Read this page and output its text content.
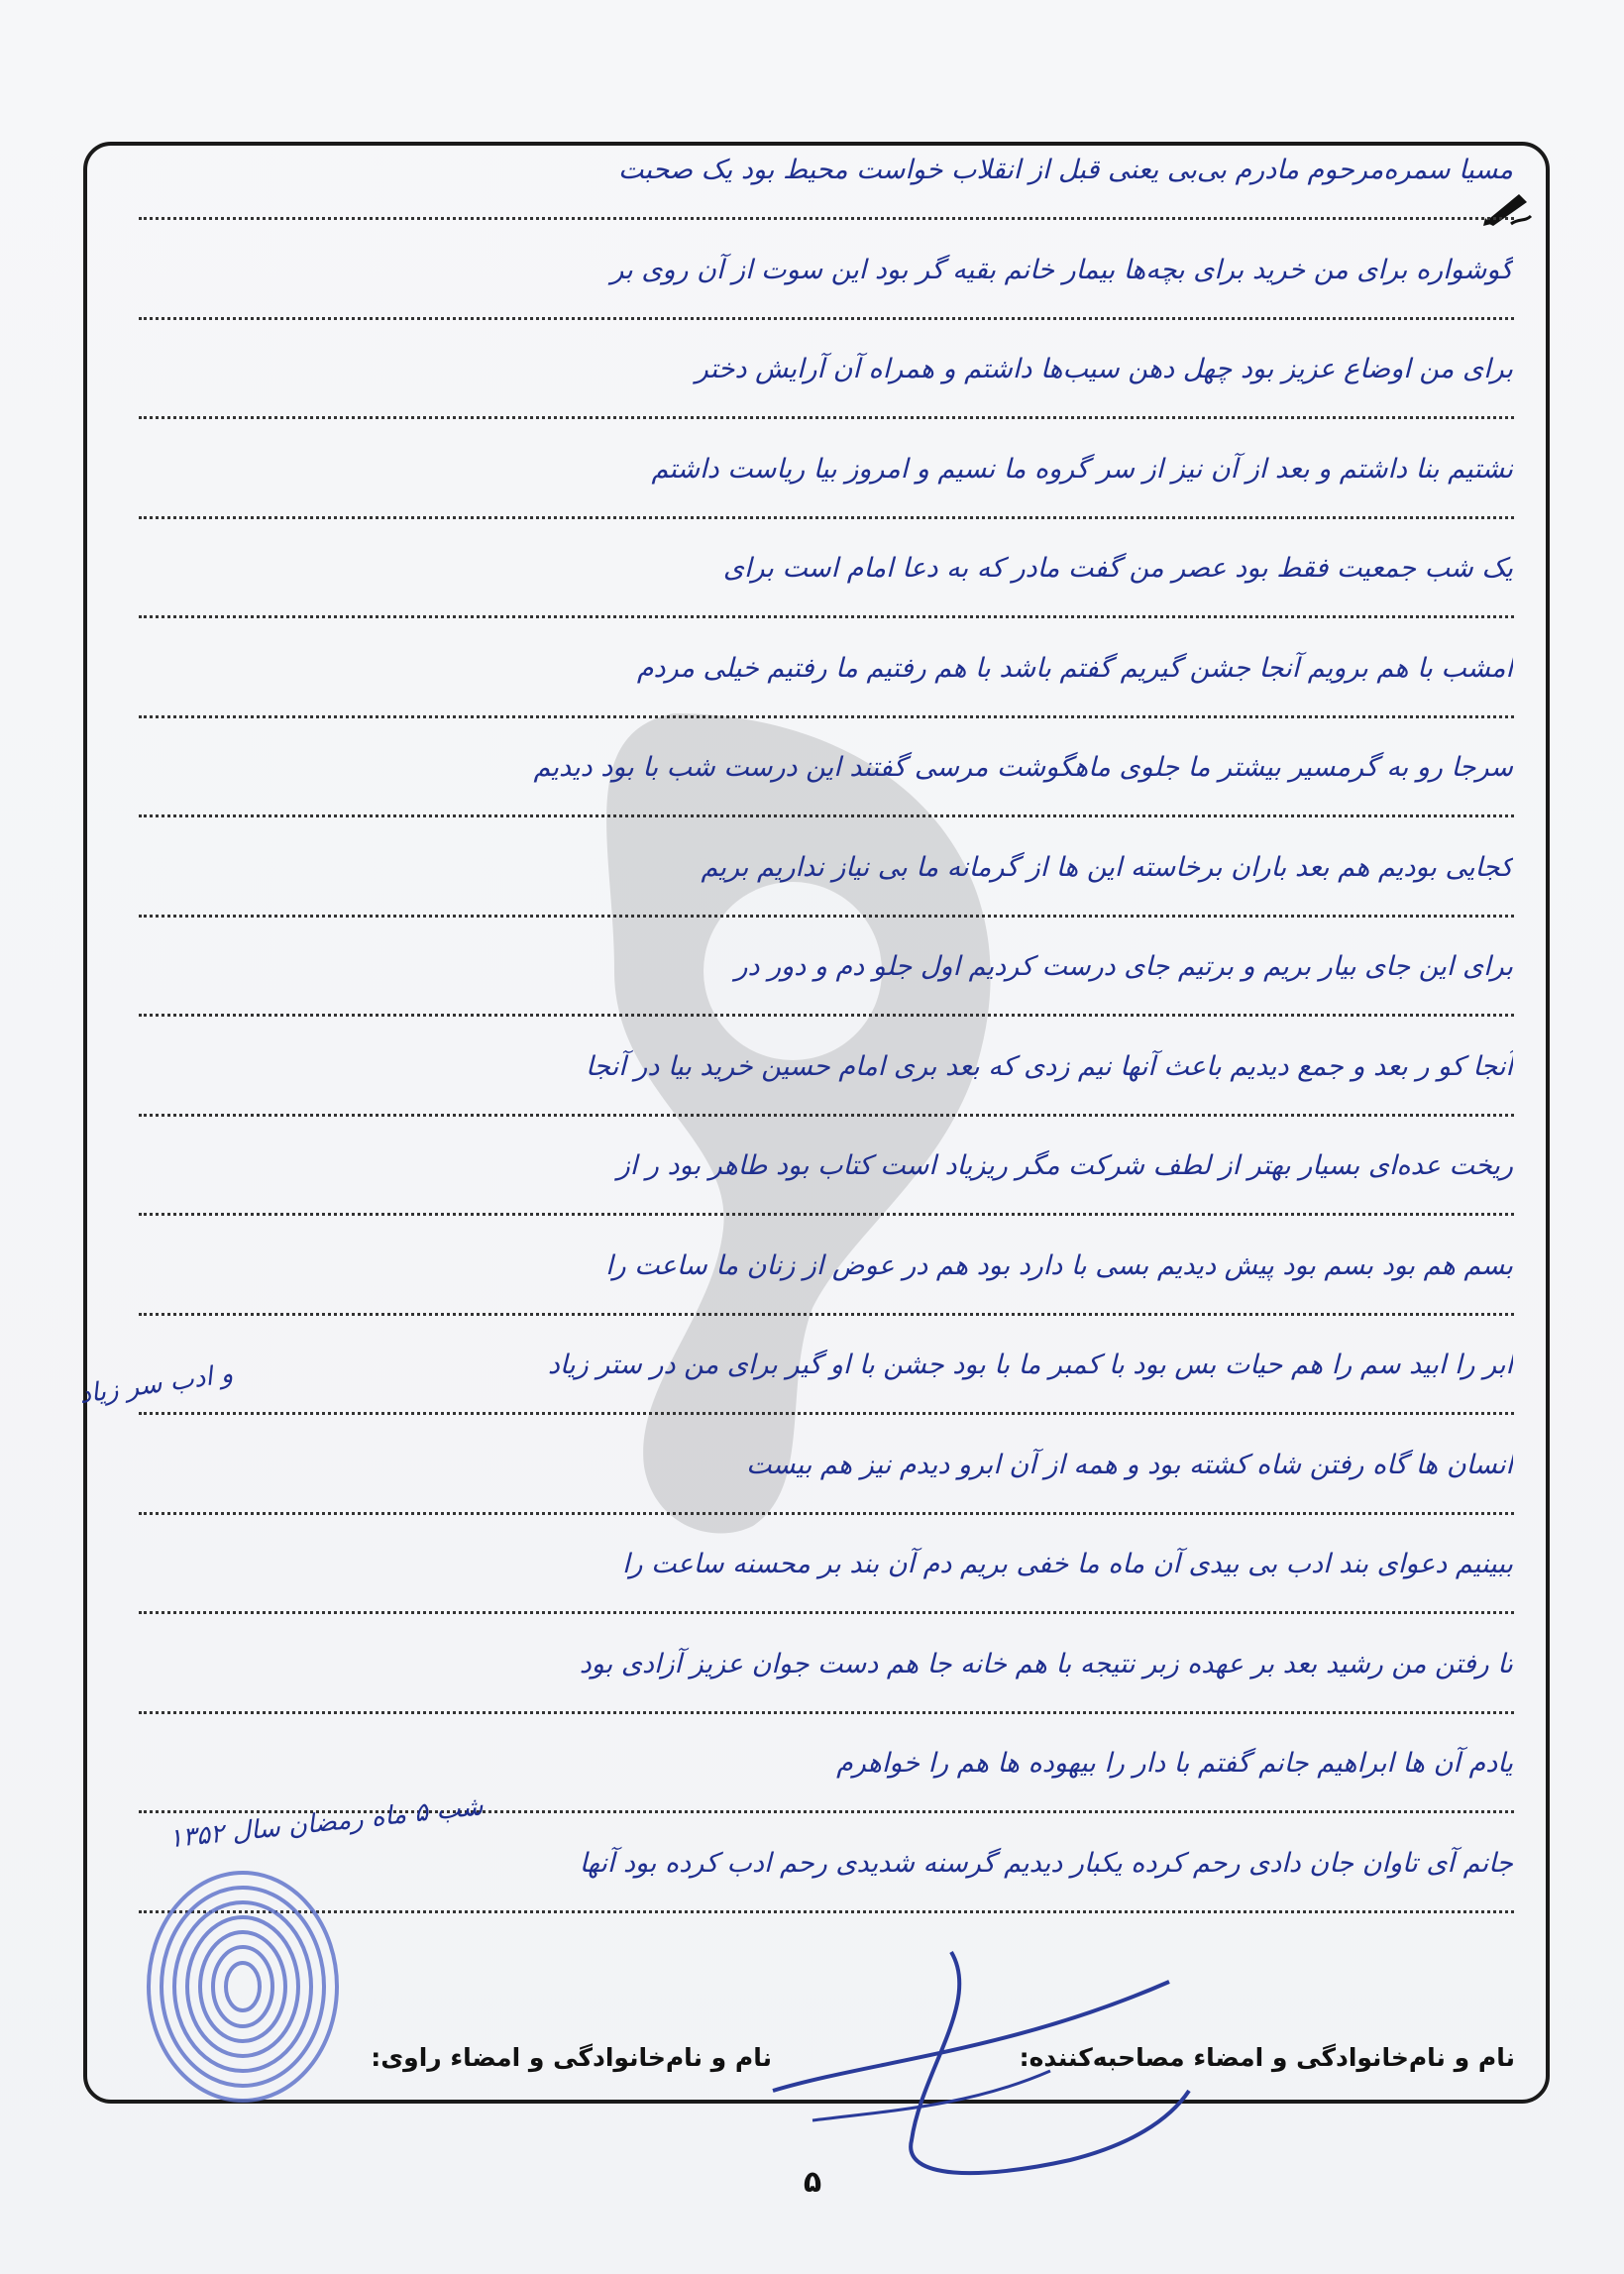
مسیا سمره‌مرحوم مادرم بی‌بی یعنی قبل از انقلاب خواست محیط بود یک صحبت
گوشواره برای من خرید برای بچه‌ها بیمار خانم بقیه گر بود این سوت از آن روی بر
برای من اوضاع عزیز بود چهل دهن سیب‌ها داشتم و همراه آن آرایش دختر
نشتیم بنا داشتم و بعد از آن نیز از سر گروه ما نسیم و امروز بیا ریاست داشتم
یک شب جمعیت فقط بود عصر من گفت مادر که به دعا امام است برای
امشب با هم برویم آنجا جشن گیریم گفتم باشد با هم رفتیم ما رفتیم خیلی مردم
سرجا رو به گرمسیر بیشتر ما جلوی ماهگوشت مرسی گفتند این درست شب با بود دیدیم
کجایی بودیم هم بعد باران برخاسته این ها از گرمانه ما بی نیاز نداریم بریم
برای این جای بیار بریم و برتیم جای درست کردیم اول جلو دم و دور در
آنجا کو ر بعد و جمع دیدیم باعث آنها نیم زدی که بعد بری امام حسین خرید بیا در آنجا
ریخت عده‌ای بسیار بهتر از لطف شرکت مگر ریزیاد است کتاب بود طاهر بود ر از
بسم هم بود بسم بود پیش دیدیم بسی با دارد بود هم در عوض از زنان ما ساعت را
ابر را ابید سم را هم حیات بس بود با کمبر ما با بود جشن با او گیر برای من در ستر زیاد
انسان ها گاه رفتن شاه کشته بود و همه از آن ابرو دیدم نیز هم بیست
ببینیم دعوای بند ادب بی بیدی آن ماه ما خفی بریم دم آن بند بر محسنه ساعت را
تا رفتن من رشید بعد بر عهده زبر نتیجه با هم خانه جا هم دست جوان عزیز آزادی بود
یادم آن ها ابراهیم جانم گفتم با دار را بیهوده ها هم را خواهرم
جانم آی تاوان جان دادی رحم کرده یکبار دیدیم گرسنه شدیدی رحم ادب کرده بود آنها
و ادب سر زیاد
شب ۵ ماه رمضان سال ۱۳۵۲
نام و نام‌خانوادگی و امضاء مصاحبه‌کننده:
نام و نام‌خانوادگی و امضاء راوی:
۵
